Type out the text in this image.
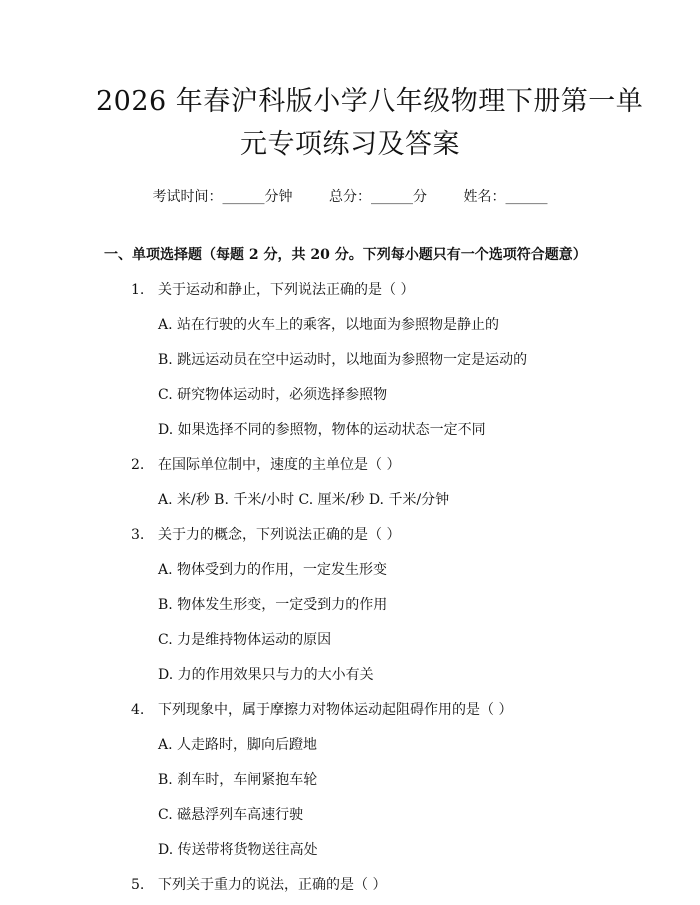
2026 年春沪科版小学八年级物理下册第一单
元专项练习及答案
考试时间：______分钟	总分：______分	姓名：______
一、单项选择题（每题 2 分，共 20 分。下列每小题只有一个选项符合题意）
1. 关于运动和静止，下列说法正确的是（ ）
A. 站在行驶的火车上的乘客，以地面为参照物是静止的
B. 跳远运动员在空中运动时，以地面为参照物一定是运动的
C. 研究物体运动时，必须选择参照物
D. 如果选择不同的参照物，物体的运动状态一定不同
2. 在国际单位制中，速度的主单位是（ ）
A. 米/秒 B. 千米/小时 C. 厘米/秒 D. 千米/分钟
3. 关于力的概念，下列说法正确的是（ ）
A. 物体受到力的作用，一定发生形变
B. 物体发生形变，一定受到力的作用
C. 力是维持物体运动的原因
D. 力的作用效果只与力的大小有关
4. 下列现象中，属于摩擦力对物体运动起阻碍作用的是（ ）
A. 人走路时，脚向后蹬地
B. 刹车时，车闸紧抱车轮
C. 磁悬浮列车高速行驶
D. 传送带将货物送往高处
5. 下列关于重力的说法，正确的是（ ）
